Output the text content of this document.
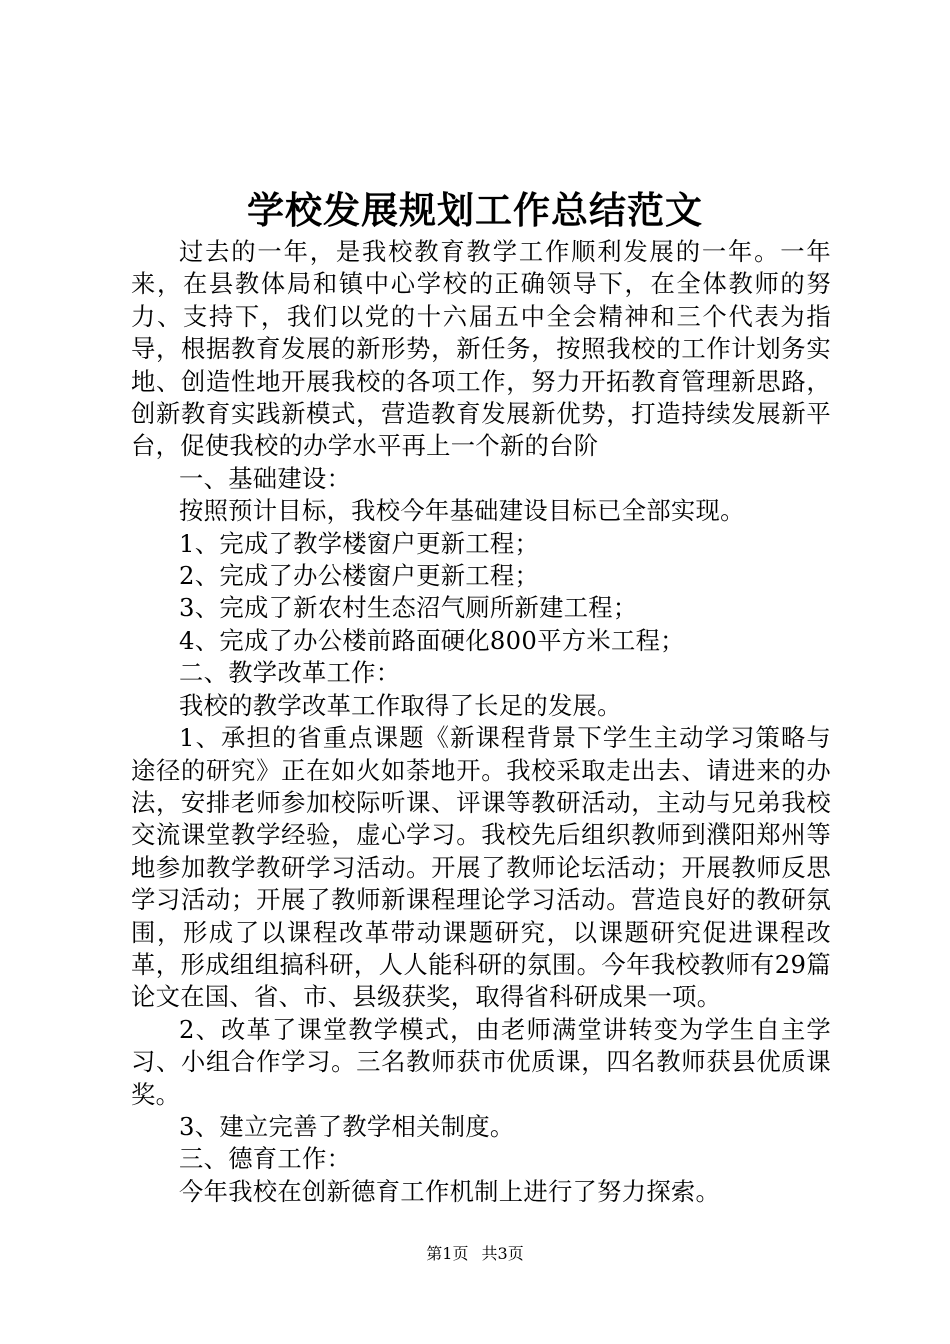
学校发展规划工作总结范文

过去的一年，是我校教育教学工作顺利发展的一年。一年来，在县教体局和镇中心学校的正确领导下，在全体教师的努力、支持下，我们以党的十六届五中全会精神和三个代表为指导，根据教育发展的新形势，新任务，按照我校的工作计划务实地、创造性地开展我校的各项工作，努力开拓教育管理新思路，创新教育实践新模式，营造教育发展新优势，打造持续发展新平台，促使我校的办学水平再上一个新的台阶

一、基础建设：

按照预计目标，我校今年基础建设目标已全部实现。

1、完成了教学楼窗户更新工程；

2、完成了办公楼窗户更新工程；

3、完成了新农村生态沼气厕所新建工程；

4、完成了办公楼前路面硬化800平方米工程；

二、教学改革工作：

我校的教学改革工作取得了长足的发展。

1、承担的省重点课题《新课程背景下学生主动学习策略与途径的研究》正在如火如荼地开。我校采取走出去、请进来的办法，安排老师参加校际听课、评课等教研活动，主动与兄弟我校交流课堂教学经验，虚心学习。我校先后组织教师到濮阳郑州等地参加教学教研学习活动。开展了教师论坛活动；开展教师反思学习活动；开展了教师新课程理论学习活动。营造良好的教研氛围，形成了以课程改革带动课题研究，以课题研究促进课程改革，形成组组搞科研，人人能科研的氛围。今年我校教师有29篇论文在国、省、市、县级获奖，取得省科研成果一项。

2、改革了课堂教学模式，由老师满堂讲转变为学生自主学习、小组合作学习。三名教师获市优质课，四名教师获县优质课奖。

3、建立完善了教学相关制度。

三、德育工作：

今年我校在创新德育工作机制上进行了努力探索。

第1页 共3页
